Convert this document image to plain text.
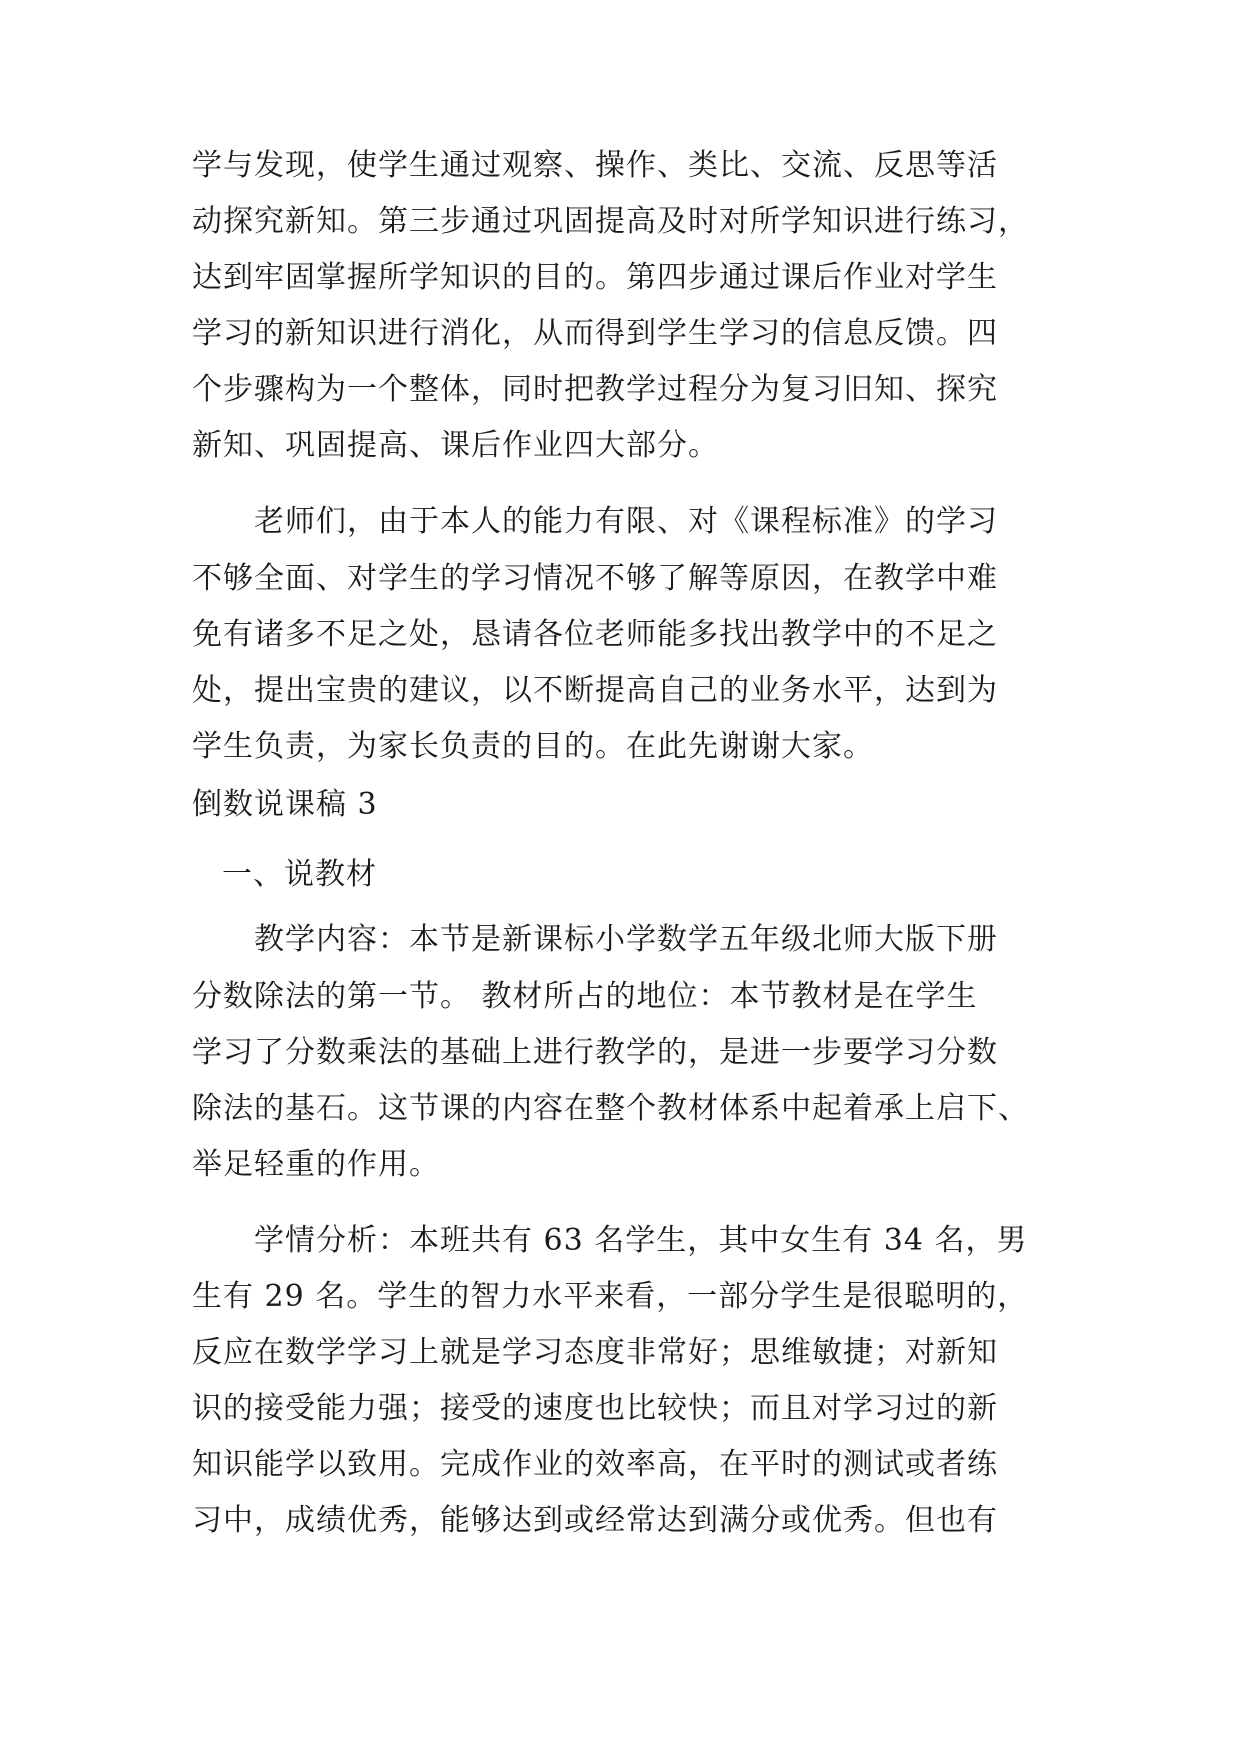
学与发现，使学生通过观察、操作、类比、交流、反思等活
动探究新知。第三步通过巩固提高及时对所学知识进行练习，
达到牢固掌握所学知识的目的。第四步通过课后作业对学生
学习的新知识进行消化，从而得到学生学习的信息反馈。四
个步骤构为一个整体，同时把教学过程分为复习旧知、探究
新知、巩固提高、课后作业四大部分。
老师们，由于本人的能力有限、对《课程标准》的学习
不够全面、对学生的学习情况不够了解等原因，在教学中难
免有诸多不足之处，恳请各位老师能多找出教学中的不足之
处，提出宝贵的建议，以不断提高自己的业务水平，达到为
学生负责，为家长负责的目的。在此先谢谢大家。
倒数说课稿 3
一、说教材
教学内容：本节是新课标小学数学五年级北师大版下册
分数除法的第一节。 教材所占的地位：本节教材是在学生
学习了分数乘法的基础上进行教学的，是进一步要学习分数
除法的基石。这节课的内容在整个教材体系中起着承上启下、
举足轻重的作用。
学情分析：本班共有 63 名学生，其中女生有 34 名，男
生有 29 名。学生的智力水平来看，一部分学生是很聪明的，
反应在数学学习上就是学习态度非常好；思维敏捷；对新知
识的接受能力强；接受的速度也比较快；而且对学习过的新
知识能学以致用。完成作业的效率高，在平时的测试或者练
习中，成绩优秀，能够达到或经常达到满分或优秀。但也有
